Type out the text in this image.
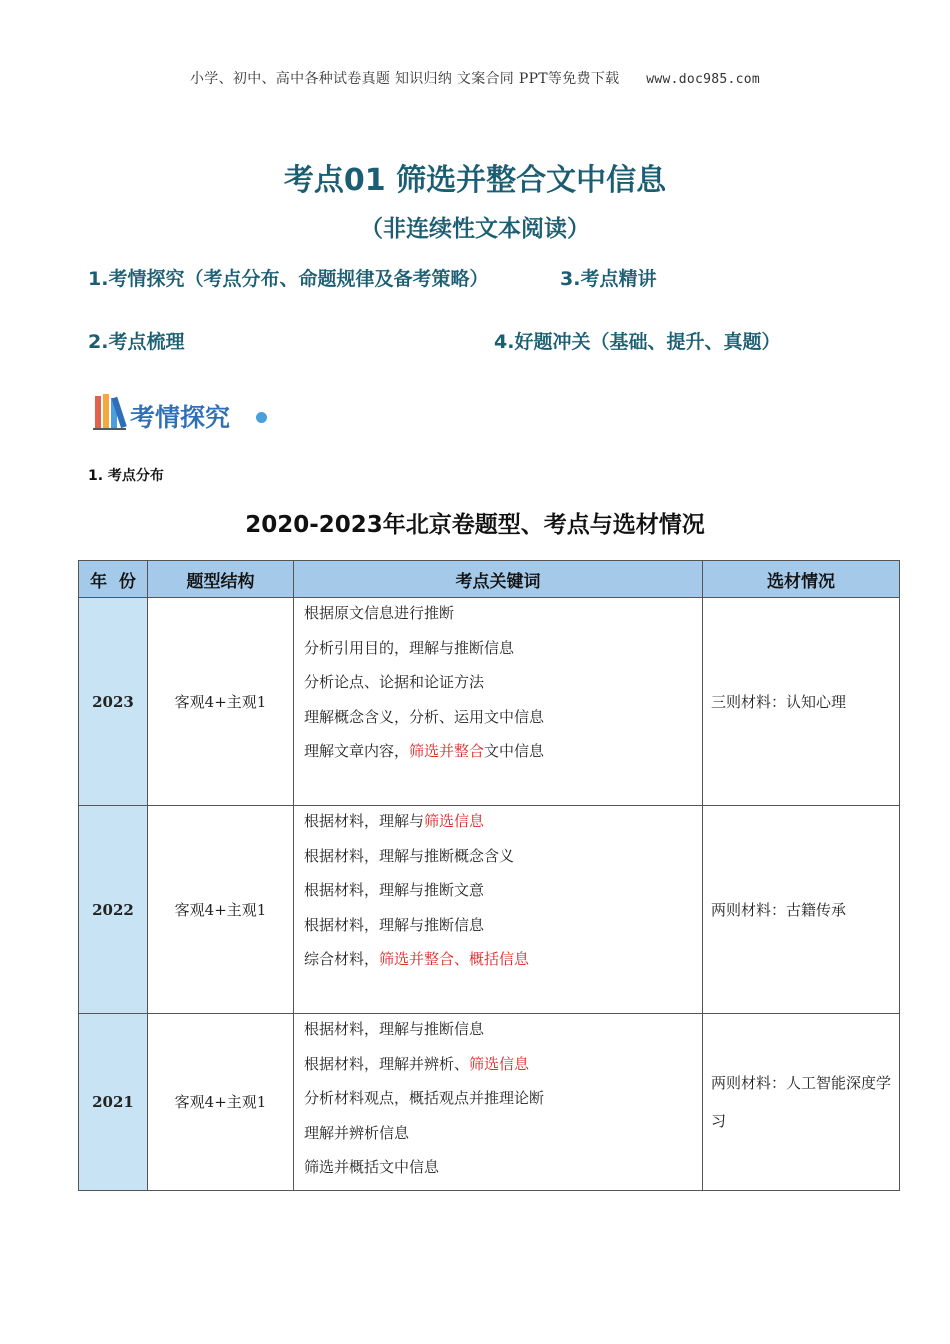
小学、初中、高中各种试卷真题 知识归纳 文案合同 PPT等免费下载 www.doc985.com
考点01 筛选并整合文中信息
（非连续性文本阅读）
1.考情探究（考点分布、命题规律及备考策略）	3.考点精讲
2.考点梳理	4.好题冲关（基础、提升、真题）
考情探究
1. 考点分布
2020-2023年北京卷题型、考点与选材情况
年  份	题型结构	考点关键词	选材情况
2023	客观4+主观1	根据原文信息进行推断
分析引用目的，理解与推断信息
分析论点、论据和论证方法
理解概念含义，分析、运用文中信息
理解文章内容，筛选并整合文中信息	三则材料：认知心理
2022	客观4+主观1	根据材料，理解与筛选信息
根据材料，理解与推断概念含义
根据材料，理解与推断文意
根据材料，理解与推断信息
综合材料，筛选并整合、概括信息	两则材料：古籍传承
2021	客观4+主观1	根据材料，理解与推断信息
根据材料，理解并辨析、筛选信息
分析材料观点，概括观点并推理论断
理解并辨析信息
筛选并概括文中信息	两则材料：人工智能深度学习
